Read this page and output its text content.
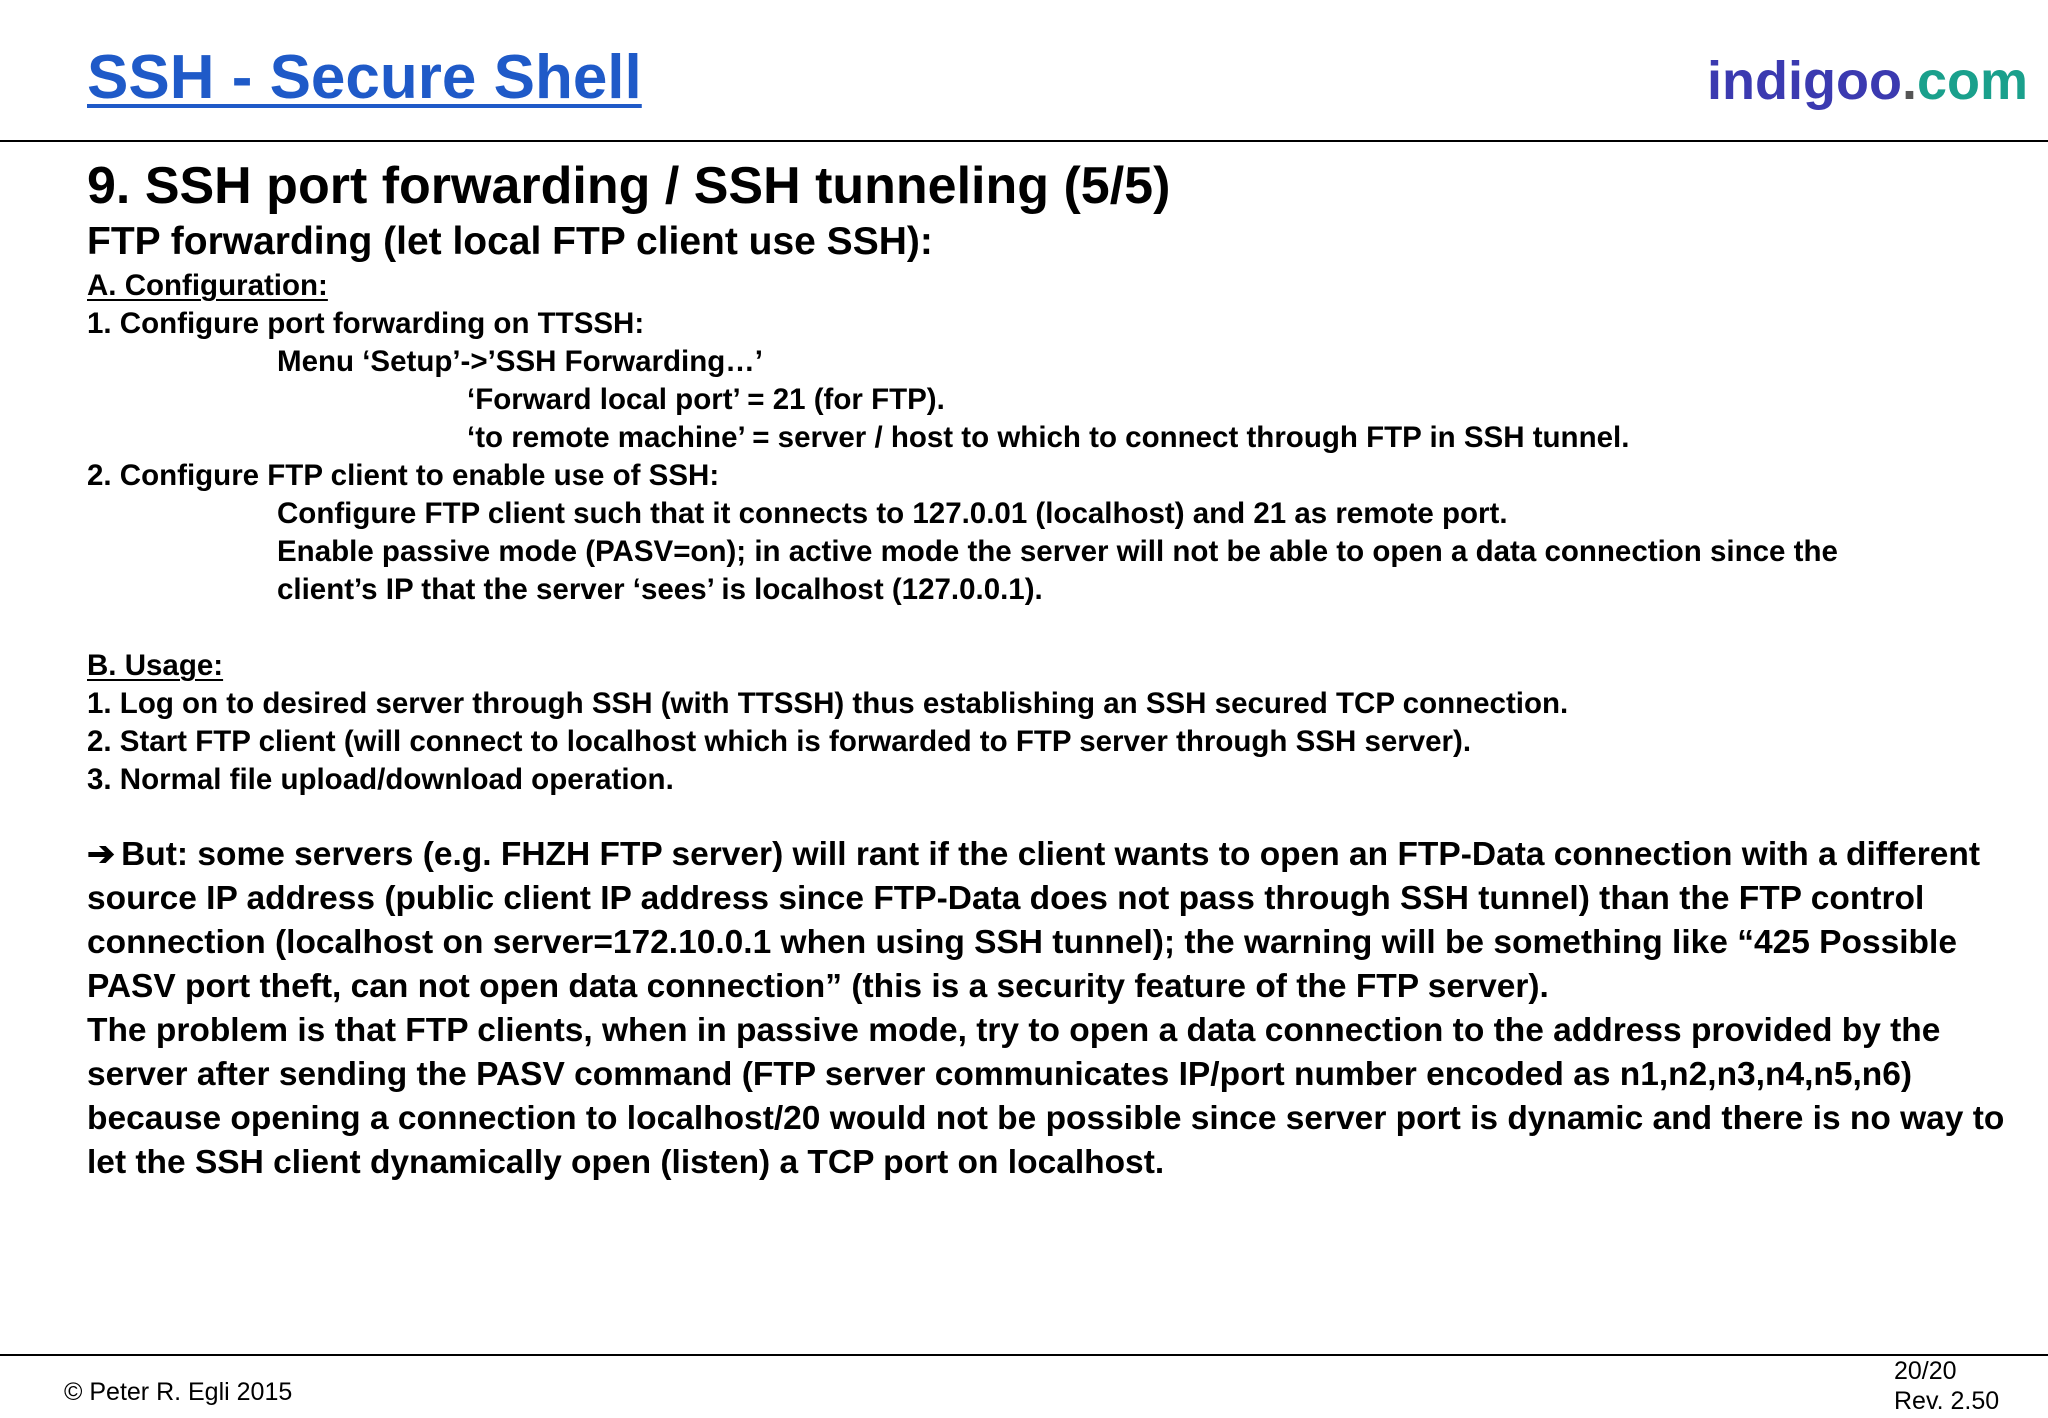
SSH - Secure Shell	indigoo.com
9. SSH port forwarding / SSH tunneling (5/5)
FTP forwarding (let local FTP client use SSH):
A. Configuration:
1. Configure port forwarding on TTSSH:
Menu ‘Setup’->’SSH Forwarding…’
‘Forward local port’ = 21 (for FTP).
‘to remote machine’ = server / host to which to connect through FTP in SSH tunnel.
2. Configure FTP client to enable use of SSH:
Configure FTP client such that it connects to 127.0.01 (localhost) and 21 as remote port.
Enable passive mode (PASV=on); in active mode the server will not be able to open a data connection since the
client’s IP that the server ‘sees’ is localhost (127.0.0.1).
B. Usage:
1. Log on to desired server through SSH (with TTSSH) thus establishing an SSH secured TCP connection.
2. Start FTP client (will connect to localhost which is forwarded to FTP server through SSH server).
3. Normal file upload/download operation.

➔ But: some servers (e.g. FHZH FTP server) will rant if the client wants to open an FTP-Data connection with a different source IP address (public client IP address since FTP-Data does not pass through SSH tunnel) than the FTP control connection (localhost on server=172.10.0.1 when using SSH tunnel); the warning will be something like “425 Possible PASV port theft, can not open data connection” (this is a security feature of the FTP server).

The problem is that FTP clients, when in passive mode, try to open a data connection to the address provided by the server after sending the PASV command (FTP server communicates IP/port number encoded as n1,n2,n3,n4,n5,n6) because opening a connection to localhost/20 would not be possible since server port is dynamic and there is no way to let the SSH client dynamically open (listen) a TCP port on localhost.

© Peter R. Egli 2015
20/20
Rev. 2.50
